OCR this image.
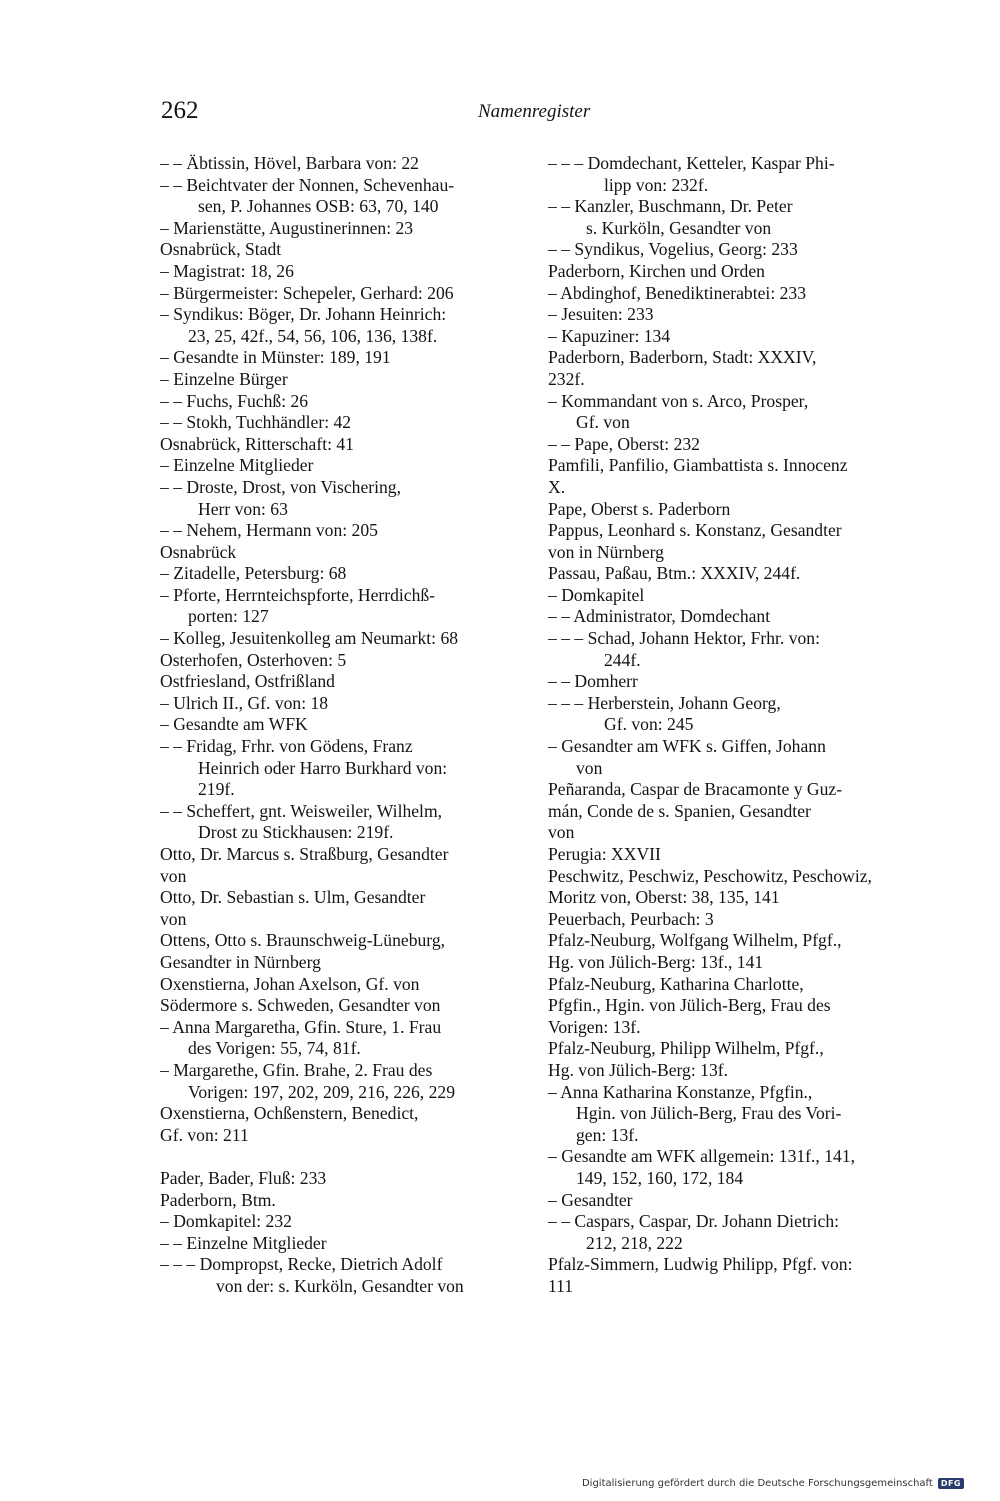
262	Namenregister
– – Äbtissin, Hövel, Barbara von: 22
– – Beichtvater der Nonnen, Schevenhau-
sen, P. Johannes OSB: 63, 70, 140
– Marienstätte, Augustinerinnen: 23
Osnabrück, Stadt
– Magistrat: 18, 26
– Bürgermeister: Schepeler, Gerhard: 206
– Syndikus: Böger, Dr. Johann Heinrich:
23, 25, 42f., 54, 56, 106, 136, 138f.
– Gesandte in Münster: 189, 191
– Einzelne Bürger
– – Fuchs, Fuchß: 26
– – Stokh, Tuchhändler: 42
Osnabrück, Ritterschaft: 41
– Einzelne Mitglieder
– – Droste, Drost, von Vischering,
Herr von: 63
– – Nehem, Hermann von: 205
Osnabrück
– Zitadelle, Petersburg: 68
– Pforte, Herrnteichspforte, Herrdichß-
porten: 127
– Kolleg, Jesuitenkolleg am Neumarkt: 68
Osterhofen, Osterhoven: 5
Ostfriesland, Ostfrißland
– Ulrich II., Gf. von: 18
– Gesandte am WFK
– – Fridag, Frhr. von Gödens, Franz
Heinrich oder Harro Burkhard von:
219f.
– – Scheffert, gnt. Weisweiler, Wilhelm,
Drost zu Stickhausen: 219f.
Otto, Dr. Marcus s. Straßburg, Gesandter
von
Otto, Dr. Sebastian s. Ulm, Gesandter
von
Ottens, Otto s. Braunschweig-Lüneburg,
Gesandter in Nürnberg
Oxenstierna, Johan Axelson, Gf. von
Södermore s. Schweden, Gesandter von
– Anna Margaretha, Gfin. Sture, 1. Frau
des Vorigen: 55, 74, 81f.
– Margarethe, Gfin. Brahe, 2. Frau des
Vorigen: 197, 202, 209, 216, 226, 229
Oxenstierna, Ochßenstern, Benedict,
Gf. von: 211
Pader, Bader, Fluß: 233
Paderborn, Btm.
– Domkapitel: 232
– – Einzelne Mitglieder
– – – Dompropst, Recke, Dietrich Adolf
von der: s. Kurköln, Gesandter von
– – – Domdechant, Ketteler, Kaspar Phi-
lipp von: 232f.
– – Kanzler, Buschmann, Dr. Peter
s. Kurköln, Gesandter von
– – Syndikus, Vogelius, Georg: 233
Paderborn, Kirchen und Orden
– Abdinghof, Benediktinerabtei: 233
– Jesuiten: 233
– Kapuziner: 134
Paderborn, Baderborn, Stadt: XXXIV,
232f.
– Kommandant von s. Arco, Prosper,
Gf. von
– – Pape, Oberst: 232
Pamfili, Panfilio, Giambattista s. Innocenz
X.
Pape, Oberst s. Paderborn
Pappus, Leonhard s. Konstanz, Gesandter
von in Nürnberg
Passau, Paßau, Btm.: XXXIV, 244f.
– Domkapitel
– – Administrator, Domdechant
– – – Schad, Johann Hektor, Frhr. von:
244f.
– – Domherr
– – – Herberstein, Johann Georg,
Gf. von: 245
– Gesandter am WFK s. Giffen, Johann
von
Peñaranda, Caspar de Bracamonte y Guz-
mán, Conde de s. Spanien, Gesandter
von
Perugia: XXVII
Peschwitz, Peschwiz, Peschowitz, Peschowiz,
Moritz von, Oberst: 38, 135, 141
Peuerbach, Peurbach: 3
Pfalz-Neuburg, Wolfgang Wilhelm, Pfgf.,
Hg. von Jülich-Berg: 13f., 141
Pfalz-Neuburg, Katharina Charlotte,
Pfgfin., Hgin. von Jülich-Berg, Frau des
Vorigen: 13f.
Pfalz-Neuburg, Philipp Wilhelm, Pfgf.,
Hg. von Jülich-Berg: 13f.
– Anna Katharina Konstanze, Pfgfin.,
Hgin. von Jülich-Berg, Frau des Vori-
gen: 13f.
– Gesandte am WFK allgemein: 131f., 141,
149, 152, 160, 172, 184
– Gesandter
– – Caspars, Caspar, Dr. Johann Dietrich:
212, 218, 222
Pfalz-Simmern, Ludwig Philipp, Pfgf. von:
111
Digitalisierung gefördert durch die Deutsche Forschungsgemeinschaft	DFG
